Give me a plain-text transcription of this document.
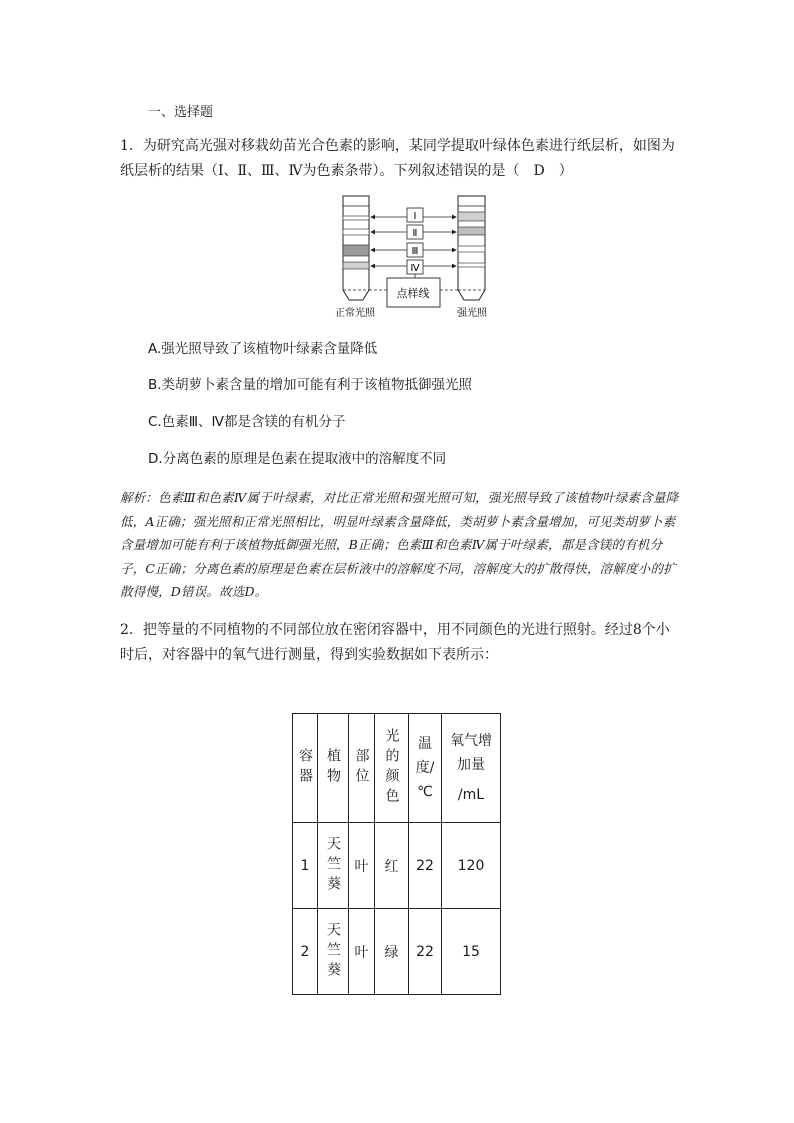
一、选择题
1．为研究高光强对移栽幼苗光合色素的影响，某同学提取叶绿体色素进行纸层析，如图为纸层析的结果（Ⅰ、Ⅱ、Ⅲ、Ⅳ为色素条带）。下列叙述错误的是（　D　）
Ⅰ
Ⅱ
Ⅲ
Ⅳ
点样线
正常光照	强光照
A.强光照导致了该植物叶绿素含量降低
B.类胡萝卜素含量的增加可能有利于该植物抵御强光照
C.色素Ⅲ、Ⅳ都是含镁的有机分子
D.分离色素的原理是色素在提取液中的溶解度不同
解析：色素Ⅲ和色素Ⅳ属于叶绿素，对比正常光照和强光照可知，强光照导致了该植物叶绿素含量降低，A正确；强光照和正常光照相比，明显叶绿素含量降低，类胡萝卜素含量增加，可见类胡萝卜素含量增加可能有利于该植物抵御强光照，B正确；色素Ⅲ和色素Ⅳ属于叶绿素，都是含镁的有机分子，C正确；分离色素的原理是色素在层析液中的溶解度不同，溶解度大的扩散得快，溶解度小的扩散得慢，D错误。故选D。
2．把等量的不同植物的不同部位放在密闭容器中，用不同颜色的光进行照射。经过8个小时后，对容器中的氧气进行测量，得到实验数据如下表所示：
容器	植物	部位	光的颜色	温度/℃	氧气增加量
/mL

1	天竺葵	叶	红	22	120
2	天竺葵	叶	绿	22	15
